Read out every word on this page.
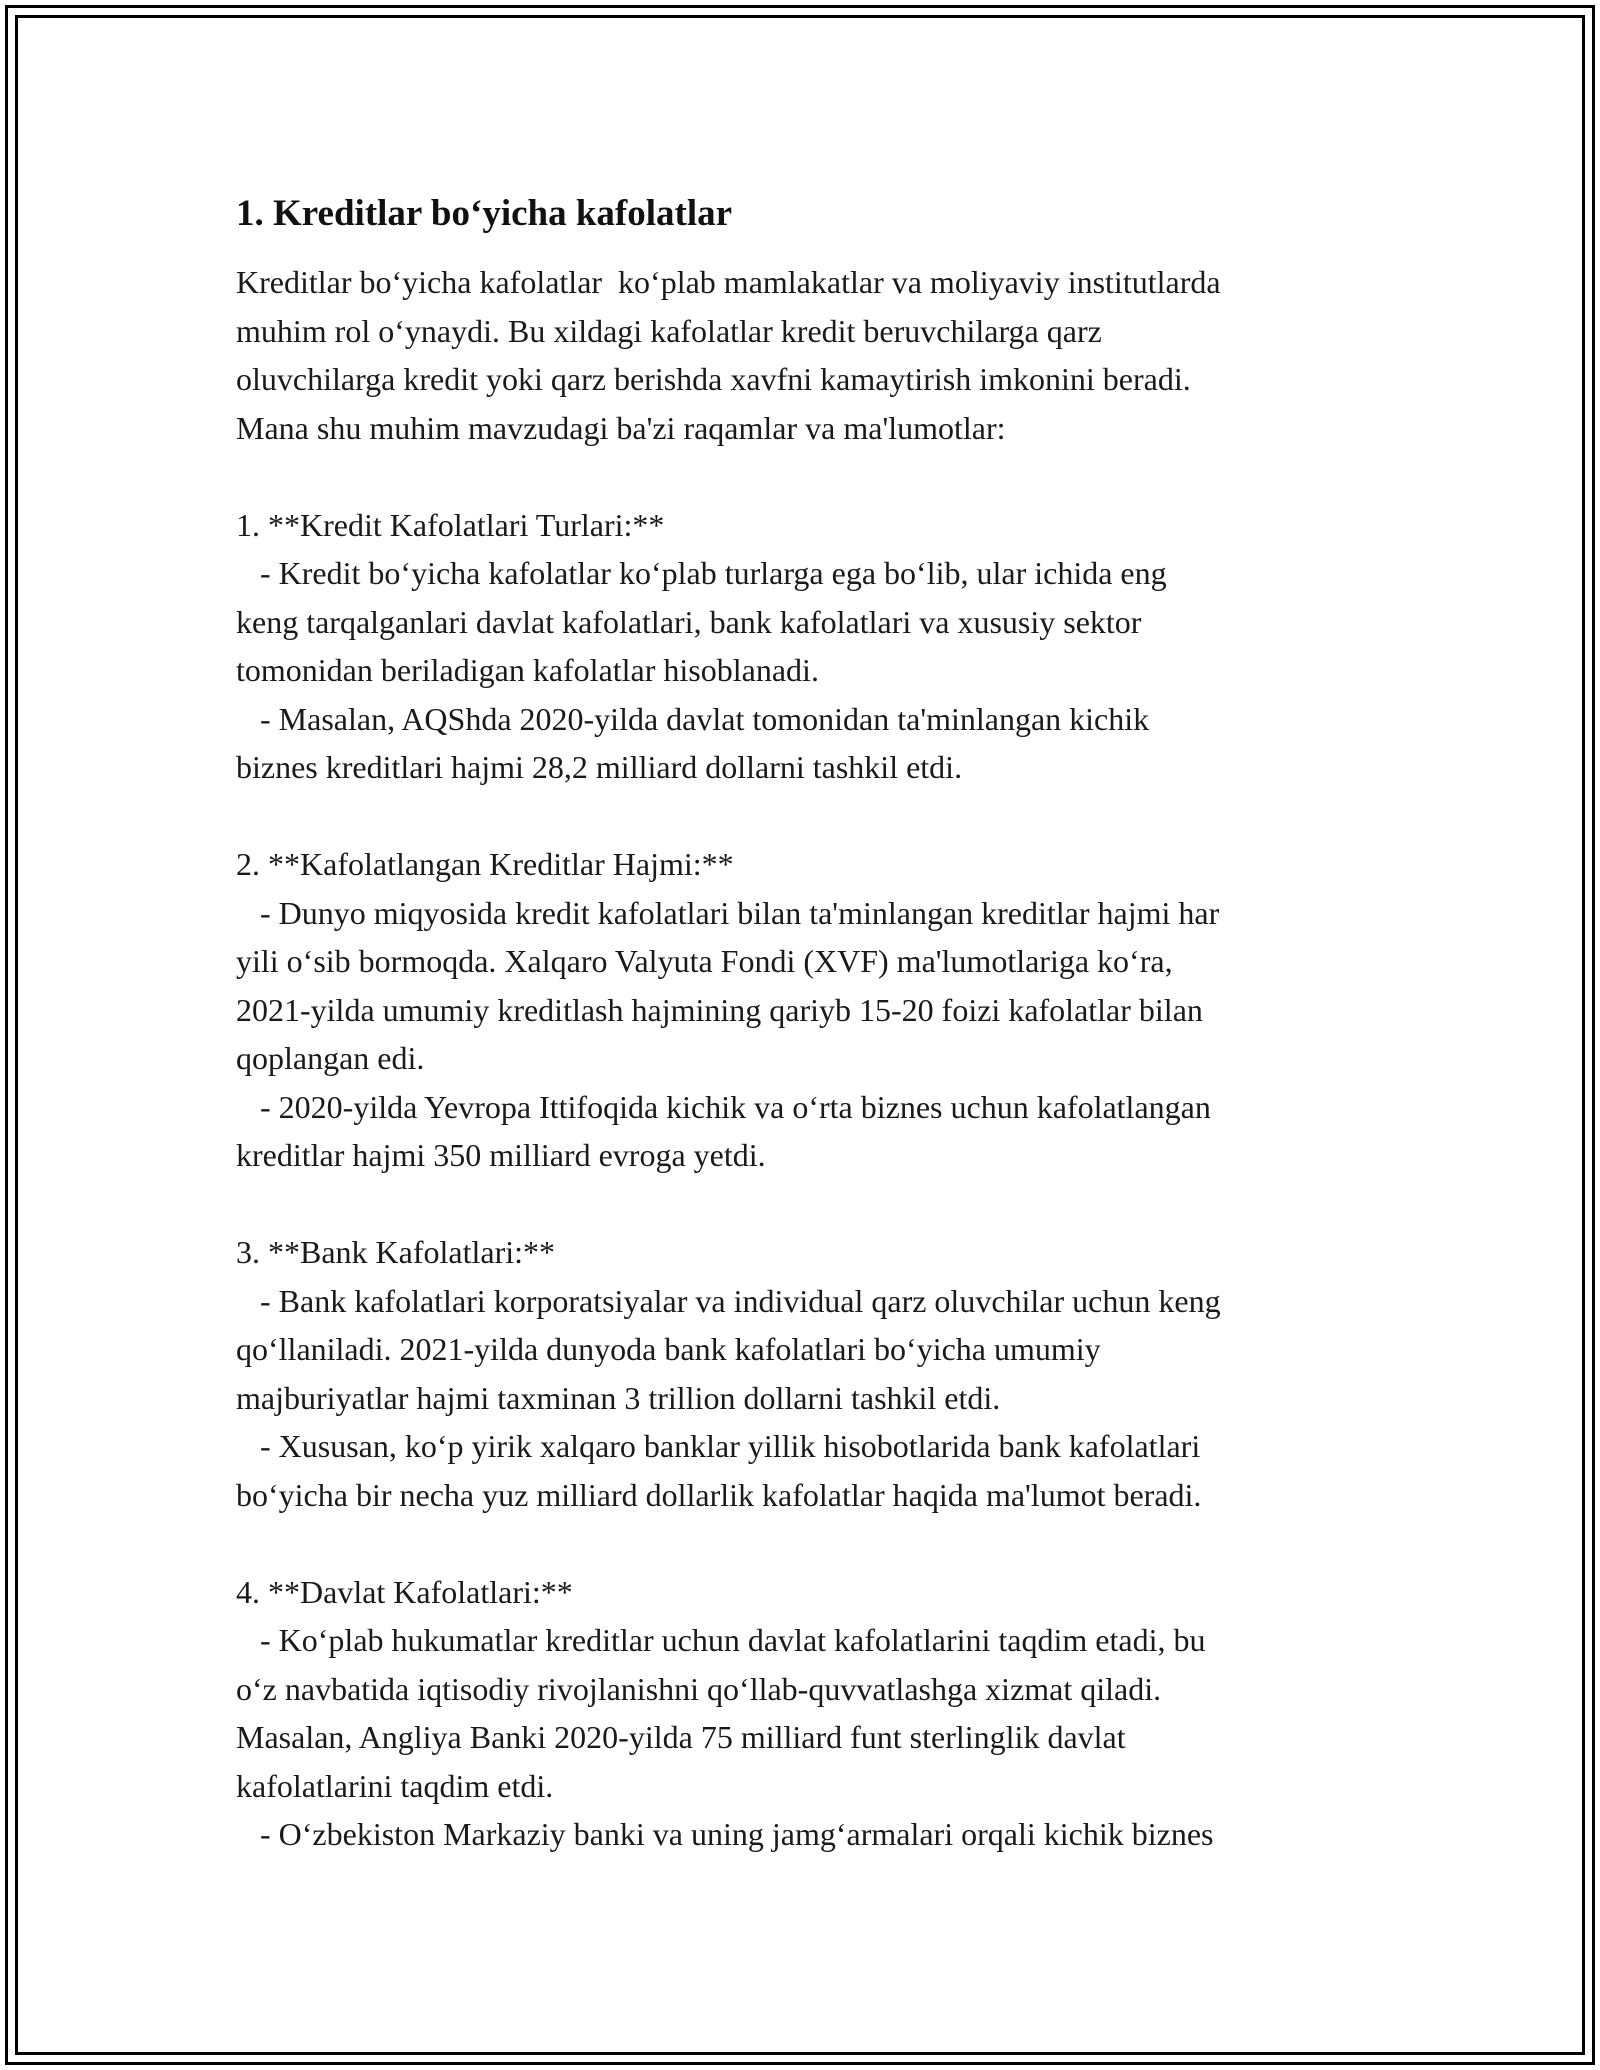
1. Kreditlar bo‘yicha kafolatlar
Kreditlar bo‘yicha kafolatlar  ko‘plab mamlakatlar va moliyaviy institutlarda
muhim rol o‘ynaydi. Bu xildagi kafolatlar kredit beruvchilarga qarz
oluvchilarga kredit yoki qarz berishda xavfni kamaytirish imkonini beradi.
Mana shu muhim mavzudagi ba'zi raqamlar va ma'lumotlar:

1. **Kredit Kafolatlari Turlari:**
- Kredit bo‘yicha kafolatlar ko‘plab turlarga ega bo‘lib, ular ichida eng
keng tarqalganlari davlat kafolatlari, bank kafolatlari va xususiy sektor
tomonidan beriladigan kafolatlar hisoblanadi.
- Masalan, AQShda 2020-yilda davlat tomonidan ta'minlangan kichik
biznes kreditlari hajmi 28,2 milliard dollarni tashkil etdi.

2. **Kafolatlangan Kreditlar Hajmi:**
- Dunyo miqyosida kredit kafolatlari bilan ta'minlangan kreditlar hajmi har
yili o‘sib bormoqda. Xalqaro Valyuta Fondi (XVF) ma'lumotlariga ko‘ra,
2021-yilda umumiy kreditlash hajmining qariyb 15-20 foizi kafolatlar bilan
qoplangan edi.
- 2020-yilda Yevropa Ittifoqida kichik va o‘rta biznes uchun kafolatlangan
kreditlar hajmi 350 milliard evroga yetdi.

3. **Bank Kafolatlari:**
- Bank kafolatlari korporatsiyalar va individual qarz oluvchilar uchun keng
qo‘llaniladi. 2021-yilda dunyoda bank kafolatlari bo‘yicha umumiy
majburiyatlar hajmi taxminan 3 trillion dollarni tashkil etdi.
- Xususan, ko‘p yirik xalqaro banklar yillik hisobotlarida bank kafolatlari
bo‘yicha bir necha yuz milliard dollarlik kafolatlar haqida ma'lumot beradi.

4. **Davlat Kafolatlari:**
- Ko‘plab hukumatlar kreditlar uchun davlat kafolatlarini taqdim etadi, bu
o‘z navbatida iqtisodiy rivojlanishni qo‘llab-quvvatlashga xizmat qiladi.
Masalan, Angliya Banki 2020-yilda 75 milliard funt sterlinglik davlat
kafolatlarini taqdim etdi.
- O‘zbekiston Markaziy banki va uning jamg‘armalari orqali kichik biznes
